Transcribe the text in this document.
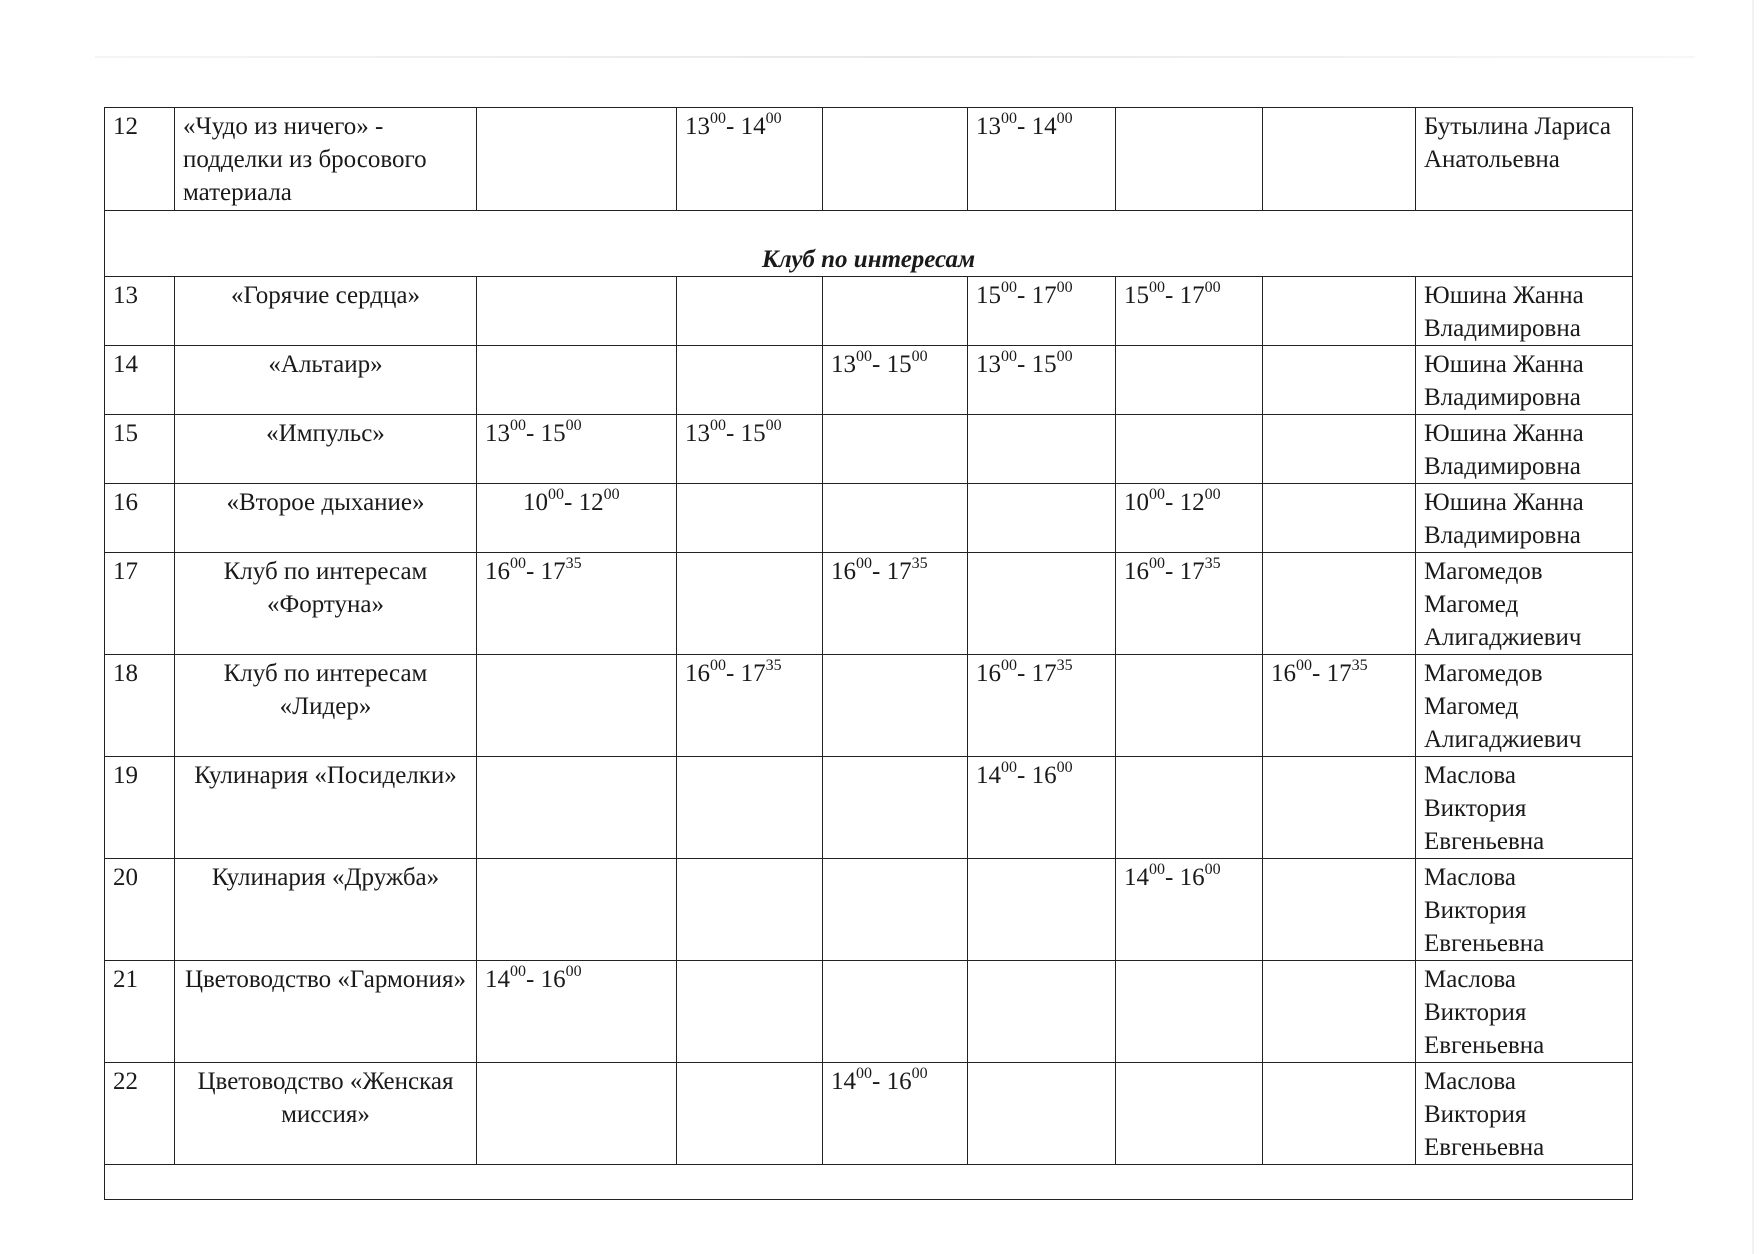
12	«Чудо из ничего» - подделки из бросового материала		$13^{00}-$ $14^{00}$		$13^{00}-$ $14^{00}$			Бутылина Лариса Анатольевна
Клуб по интересам								
13	«Горячие сердца»				$15^{00}-$ $17^{00}$	$15^{00}-$ $17^{00}$		Юшина Жанна Владимировна
14	«Альтаир»			$13^{00}-$ $15^{00}$	$13^{00}-$ $15^{00}$			Юшина Жанна Владимировна
15	«Импульс»	$13^{00}-$ $15^{00}$	$13^{00}-$ $15^{00}$					Юшина Жанна Владимировна
16	«Второе дыхание»	$10^{00}-$ $12^{00}$				$10^{00}-$ $12^{00}$		Юшина Жанна Владимировна
17	Клуб по интересам «Фортуна»	$16^{00}-$ $17^{35}$		$16^{00}-$ $17^{35}$		$16^{00}-$ $17^{35}$		Магомедов Магомед Алигаджиевич
18	Клуб по интересам «Лидер»		$16^{00}-$ $17^{35}$		$16^{00}-$ $17^{35}$		$16^{00}-$ $17^{35}$	Магомедов Магомед Алигаджиевич
19	Кулинария «Посиделки»				$14^{00}-$ $16^{00}$			Маслова Виктория Евгеньевна
20	Кулинария «Дружба»					$14^{00}-$ $16^{00}$		Маслова Виктория Евгеньевна
21	Цветоводство «Гармония»	$14^{00}-$ $16^{00}$						Маслова Виктория Евгеньевна
22	Цветоводство «Женская миссия»			$14^{00}-$ $16^{00}$				Маслова Виктория Евгеньевна
